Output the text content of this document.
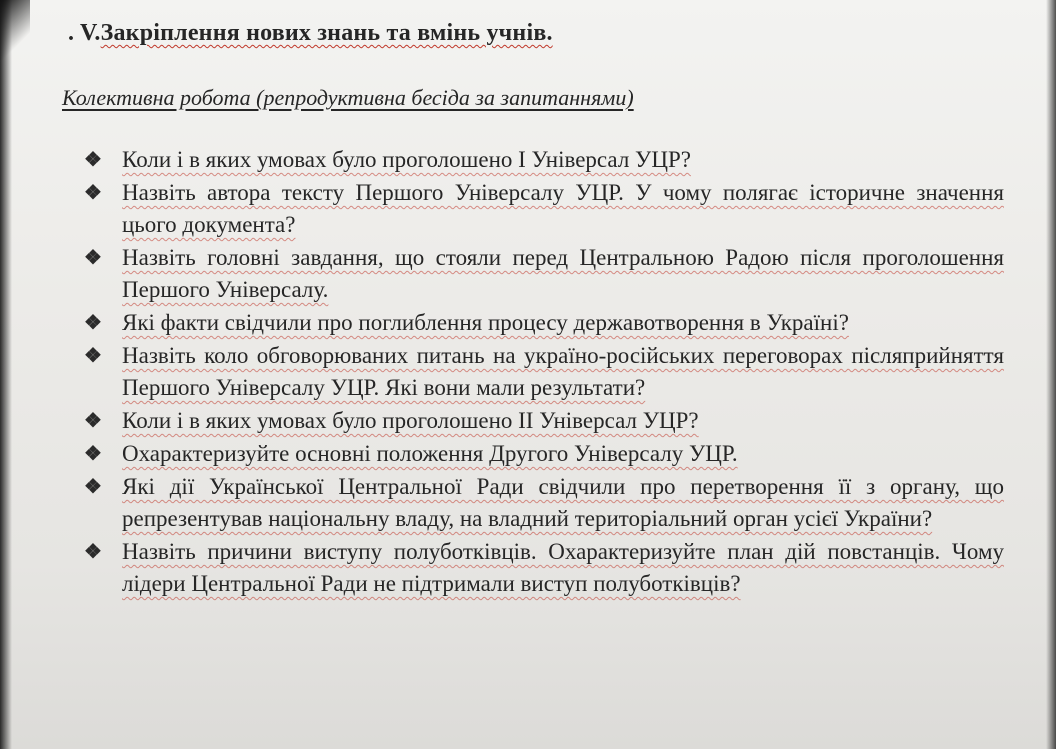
. V.Закріплення нових знань та вмінь учнів.
Колективна робота (репродуктивна бесіда за запитаннями)
❖ Коли і в яких умовах було проголошено І Універсал УЦР?
❖ Назвіть автора тексту Першого Універсалу УЦР. У чому полягає історичне значення цього документа?
❖ Назвіть головні завдання, що стояли перед Центральною Радою після проголошення Першого Універсалу.
❖ Які факти свідчили про поглиблення процесу державотворення в Україні?
❖ Назвіть коло обговорюваних питань на україно-російських переговорах післяприйняття Першого Універсалу УЦР. Які вони мали результати?
❖ Коли і в яких умовах було проголошено ІІ Універсал УЦР?
❖ Охарактеризуйте основні положення Другого Універсалу УЦР.
❖ Які дії Української Центральної Ради свідчили про перетворення її з органу, що репрезентував національну владу, на владний територіальний орган усієї України?
❖ Назвіть причини виступу полуботківців. Охарактеризуйте план дій повстанців. Чому лідери Центральної Ради не підтримали виступ полуботківців?
